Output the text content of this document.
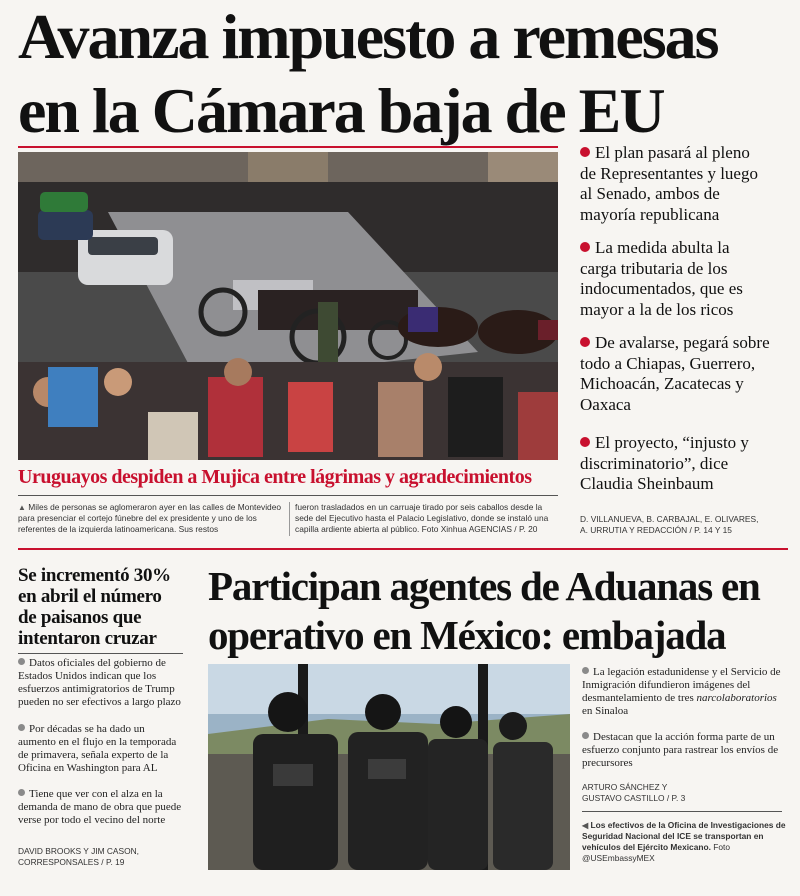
Avanza impuesto a remesas
en la Cámara baja de EU
Uruguayos despiden a Mujica entre lágrimas y agradecimientos
▲ Miles de personas se aglomeraron ayer en las calles de Montevideo para presenciar el cortejo fúnebre del ex presidente y uno de los referentes de la izquierda latinoamericana. Sus restos
fueron trasladados en un carruaje tirado por seis caballos desde la sede del Ejecutivo hasta el Palacio Legislativo, donde se instaló una capilla ardiente abierta al público. Foto Xinhua AGENCIAS / P. 20
El plan pasará al pleno de Representantes y luego al Senado, ambos de mayoría republicana
La medida abulta la carga tributaria de los indocumentados, que es mayor a la de los ricos
De avalarse, pegará sobre todo a Chiapas, Guerrero, Michoacán, Zacatecas y Oaxaca
El proyecto, “injusto y discriminatorio”, dice Claudia Sheinbaum
D. VILLANUEVA, B. CARBAJAL, E. OLIVARES,
A. URRUTIA Y REDACCIÓN / P. 14 Y 15
Se incrementó 30% en abril el número de paisanos que intentaron cruzar
Datos oficiales del gobierno de Estados Unidos indican que los esfuerzos antimigratorios de Trump pueden no ser efectivos a largo plazo
Por décadas se ha dado un aumento en el flujo en la temporada de primavera, señala experto de la Oficina en Washington para AL
Tiene que ver con el alza en la demanda de mano de obra que puede verse por todo el vecino del norte
DAVID BROOKS Y JIM CASON,
CORRESPONSALES / P. 19
Participan agentes de Aduanas en
operativo en México: embajada
La legación estadunidense y el Servicio de Inmigración difundieron imágenes del desmantelamiento de tres narcolaboratorios en Sinaloa
Destacan que la acción forma parte de un esfuerzo conjunto para rastrear los envíos de precursores
ARTURO SÁNCHEZ Y
GUSTAVO CASTILLO / P. 3
◀ Los efectivos de la Oficina de Investigaciones de Seguridad Nacional del ICE se transportan en vehículos del Ejército Mexicano. Foto @USEmbassyMEX
